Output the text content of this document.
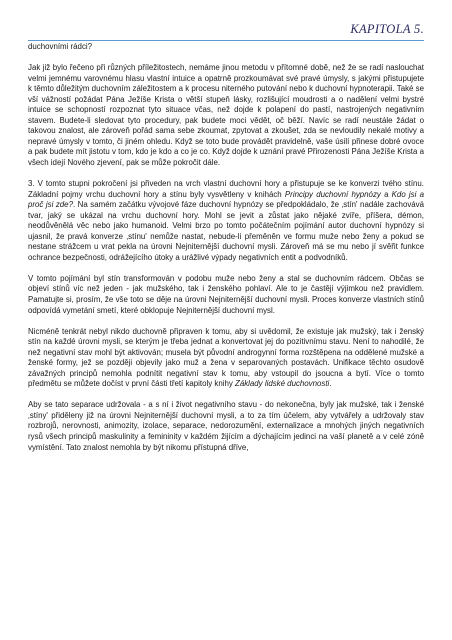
KAPITOLA 5.

duchovními rádci?

Jak již bylo řečeno při různých příležitostech, nemáme jinou metodu v přítomné době, než že se radí naslouchat velmi jemnému varovnému hlasu vlastní intuice a opatrně prozkoumávat své pravé úmysly, s jakými přistupujete k těmto důležitým duchovním záležitostem a k procesu niterného putování nebo k duchovní hypnoterapii. Také se vší vážností požádat Pána Ježíše Krista o větší stupeň lásky, rozlišující moudrosti a o nadělení velmi bystré intuice se schopností rozpoznat tyto situace včas, než dojde k polapení do pastí, nastrojených negativním stavem. Budete-li sledovat tyto procedury, pak budete moci vědět, oč běží. Navíc se radí neustále žádat o takovou znalost, ale zároveň pořád sama sebe zkoumat, zpytovat a zkoušet, zda se nevloudily nekalé motivy a nepravé úmysly v tomto, či jiném ohledu. Když se toto bude provádět pravidelně, vaše úsilí přinese dobré ovoce a pak budete mít jistotu v tom, kdo je kdo a co je co. Když dojde k uznání pravé Přirozenosti Pána Ježíše Krista a všech idejí Nového zjevení, pak se může pokročit dále.

3. V tomto stupni pokročení jsi přiveden na vrch vlastní duchovní hory a přistupuje se ke konverzi tvého stínu. Základní pojmy vrchu duchovní hory a stínu byly vysvětleny v knihách Principy duchovní hypnózy a Kdo jsi a proč jsi zde?. Na samém začátku vývojové fáze duchovní hypnózy se předpokládalo, že ‚stín' nadále zachovává tvar, jaký se ukázal na vrchu duchovní hory. Mohl se jevit a zůstat jako nějaké zvíře, příšera, démon, neodůvěnělá věc nebo jako humanoid. Velmi brzo po tomto počátečním pojímání autor duchovní hypnózy si ujasnil, že pravá konverze ‚stínu' nemůže nastat, nebude-li přeměněn ve formu muže nebo ženy a pokud se nestane strážcem u vrat pekla na úrovni Nejniternější duchovní mysli. Zároveň má se mu nebo jí svěřit funkce ochrance bezpečnosti, odrážejícího útoky a urážlivé výpady negativních entit a podvodníků.

V tomto pojímání byl stín transformován v podobu muže nebo ženy a stal se duchovním rádcem. Občas se objeví stínů víc než jeden - jak mužského, tak i ženského pohlaví. Ale to je častěji výjimkou než pravidlem. Pamatujte si, prosím, že vše toto se děje na úrovni Nejniternější duchovní mysli. Proces konverze vlastních stínů odpovídá vymetání smetí, které obklopuje Nejniternější duchovní mysl.

Nicméně tenkrát nebyl nikdo duchovně připraven k tomu, aby si uvědomil, že existuje jak mužský, tak i ženský stín na každé úrovni mysli, se kterým je třeba jednat a konvertovat jej do pozitivnímu stavu. Není to nahodilé, že než negativní stav mohl být aktivován; musela být původní androgynní forma rozštěpena na oddělené mužské a ženské formy, jež se později objevily jako muž a žena v separovaných postavách. Unifikace těchto osudově závažných principů nemohla podnítit negativní stav k tomu, aby vstoupil do jsoucna a bytí. Více o tomto předmětu se můžete dočíst v první části třetí kapitoly knihy Základy lidské duchovnosti.

Aby se tato separace udržovala - a s ní i život negativního stavu - do nekonečna, byly jak mužské, tak i ženské ‚stíny' přiděleny již na úrovni Nejniternější duchovní mysli, a to za tím účelem, aby vytvářely a udržovaly stav rozbrojů, nerovnosti, animozity, izolace, separace, nedorozumění, externalizace a mnohých jiných negativních rysů všech principů maskulinity a femininity v každém žijícím a dýchajícím jedinci na vaší planetě a v celé zóně vymístění. Tato znalost nemohla by být nikomu přístupná dříve,
